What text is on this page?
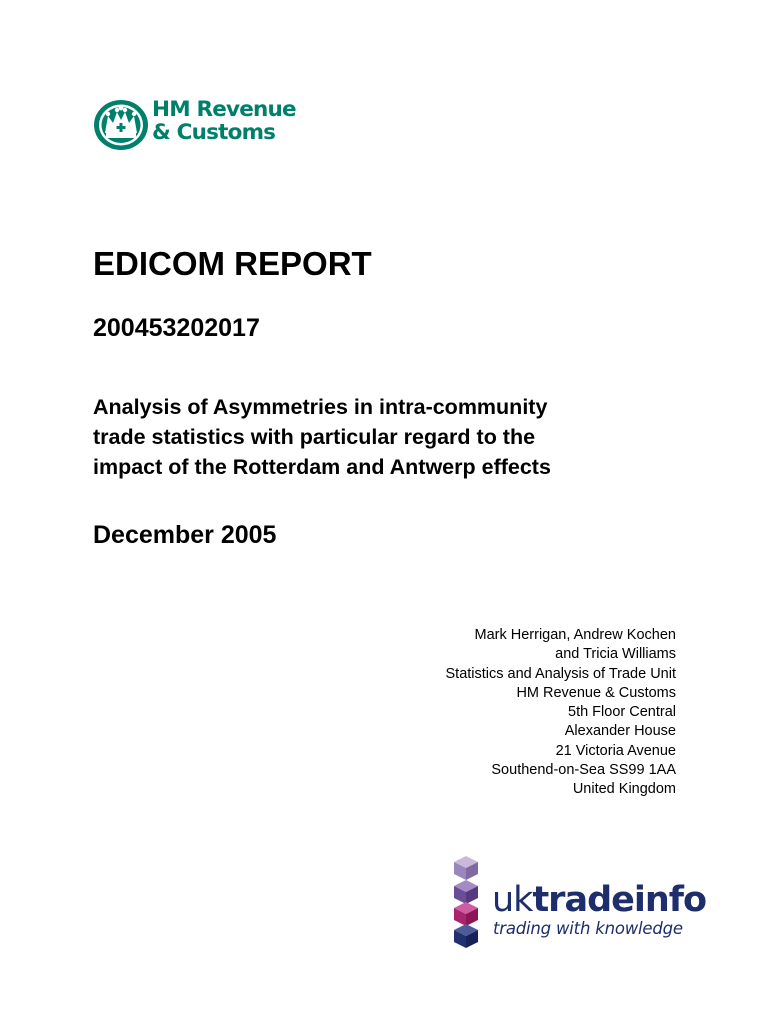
HM Revenue
& Customs
EDICOM REPORT
200453202017
Analysis of Asymmetries in intra-community
trade statistics with particular regard to the
impact of the Rotterdam and Antwerp effects
December 2005
Mark Herrigan, Andrew Kochen
and Tricia Williams
Statistics and Analysis of Trade Unit
HM Revenue & Customs
5th Floor Central
Alexander House
21 Victoria Avenue
Southend-on-Sea SS99 1AA
United Kingdom
uktradeinfo
trading with knowledge
